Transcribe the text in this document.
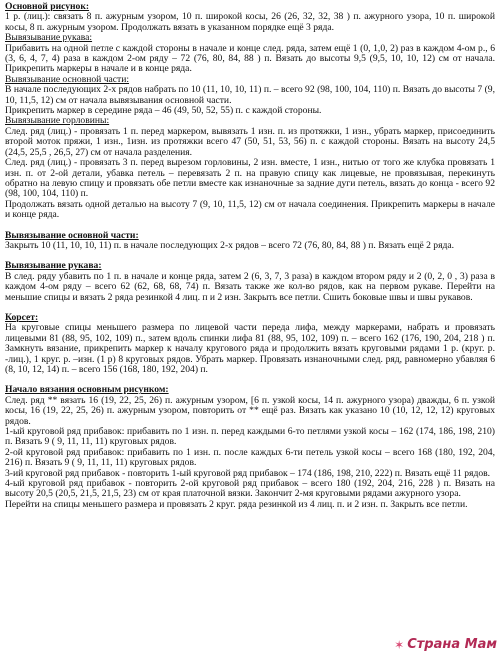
Основной рисунок:

1 р. (лиц.): связать 8 п. ажурным узором, 10 п. широкой косы, 26 (26, 32, 32, 38 ) п. ажурного узора, 10 п. широкой косы, 8 п. ажурным узором. Продолжать вязать в указанном порядке ещё 3 ряда.

Вывязывание рукава:

Прибавить на одной петле с каждой стороны в начале и конце след. ряда, затем ещё 1 (0, 1,0, 2) раз в каждом 4-ом р., 6 (3, 6, 4, 7, 4) раза в каждом 2-ом ряду – 72 (76, 80, 84, 88 ) п. Вязать до высоты 9,5 (9,5, 10, 10, 12) см от начала. Прикрепить маркеры в начале и в конце ряда.

Вывязывание основной части:

В начале последующих 2-х рядов набрать по 10 (11, 10, 10, 11) п. – всего 92 (98, 100, 104, 110) п. Вязать до высоты 7 (9, 10, 11,5, 12) см от начала вывязывания основной части.

Прикрепить маркер в середине ряда – 46 (49, 50, 52, 55) п. с каждой стороны.

Вывязывание горловины:

След. ряд (лиц.) - провязать 1 п. перед маркером, вывязать 1 изн. п. из протяжки, 1 изн., убрать маркер, присоединить второй моток пряжи, 1 изн., 1изн. из протяжки всего 47 (50, 51, 53, 56) п. с каждой стороны. Вязать на высоту 24,5 (24,5, 25,5 , 26,5, 27) см от начала разделения.

След. ряд (лиц.) - провязать 3 п. перед вырезом горловины, 2 изн. вместе, 1 изн., нитью от того же клубка провязать 1 изн. п. от 2-ой детали, убавка петель – перевязать 2 п. на правую спицу как лицевые, не провязывая, перекинуть обратно на левую спицу и провязать обе петли вместе как изнаночные за задние дуги петель, вязать до конца - всего 92 (98, 100, 104, 110) п.

Продолжать вязать одной деталью на высоту 7 (9, 10, 11,5, 12) см от начала соединения. Прикрепить маркеры в начале и конце ряда.

Вывязывание основной части:

Закрыть 10 (11, 10, 10, 11) п. в начале последующих 2-х рядов – всего 72 (76, 80, 84, 88 ) п. Вязать ещё 2 ряда.

Вывязывание рукава:

В след. ряду убавить по 1 п. в начале и конце ряда, затем 2 (6, 3, 7, 3 раза) в каждом втором ряду и 2 (0, 2, 0 , 3) раза в каждом 4-ом ряду – всего 62 (62, 68, 68, 74) п. Вязать также же кол-во рядов, как на первом рукаве. Перейти на меньшие спицы и вязать 2 ряда резинкой 4 лиц. п и 2 изн. Закрыть все петли. Сшить боковые швы и швы рукавов.

Корсет:

На круговые спицы меньшего размера по лицевой части переда лифа, между маркерами, набрать и провязать лицевыми 81 (88, 95, 102, 109) п., затем вдоль спинки лифа 81 (88, 95, 102, 109) п. – всего 162 (176, 190, 204, 218 ) п. Замкнуть вязание, прикрепить маркер к началу кругового ряда и продолжить вязать круговыми рядами 1 р. (круг. р. -лиц.), 1 круг. р. –изн. (1 р) 8 круговых рядов. Убрать маркер. Провязать изнаночными след. ряд, равномерно убавляя 6 (8, 10, 12, 14) п. – всего 156 (168, 180, 192, 204) п.

Начало вязания основным рисунком:

След. ряд ** вязать 16 (19, 22, 25, 26) п. ажурным узором, [6 п. узкой косы, 14 п. ажурного узора) дважды, 6 п. узкой косы, 16 (19, 22, 25, 26) п. ажурным узором, повторить от ** ещё раз. Вязать как указано 10 (10, 12, 12, 12) круговых рядов.

1-ый круговой ряд прибавок: прибавить по 1 изн. п. перед каждыми 6-то петлями узкой косы – 162 (174, 186, 198, 210) п. Вязать 9 ( 9, 11, 11, 11) круговых рядов.

2-ой круговой ряд прибавок: прибавить по 1 изн. п. после каждых 6-ти петель узкой косы – всего 168 (180, 192, 204, 216) п. Вязать 9 ( 9, 11, 11, 11) круговых рядов.

3-ий круговой ряд прибавок - повторить 1-ый круговой ряд прибавок – 174 (186, 198, 210, 222) п. Вязать ещё 11 рядов.

4-ый круговой ряд прибавок - повторить 2-ой круговой ряд прибавок – всего 180 (192, 204, 216, 228 ) п. Вязать на высоту 20,5 (20,5, 21,5, 21,5, 23) см от края платочной вязки. Закончит 2-мя круговыми рядами ажурного узора.

Перейти на спицы меньшего размера и провязать 2 круг. ряда резинкой из 4 лиц. п. и 2 изн. п. Закрыть все петли.

✶ Страна Мам
